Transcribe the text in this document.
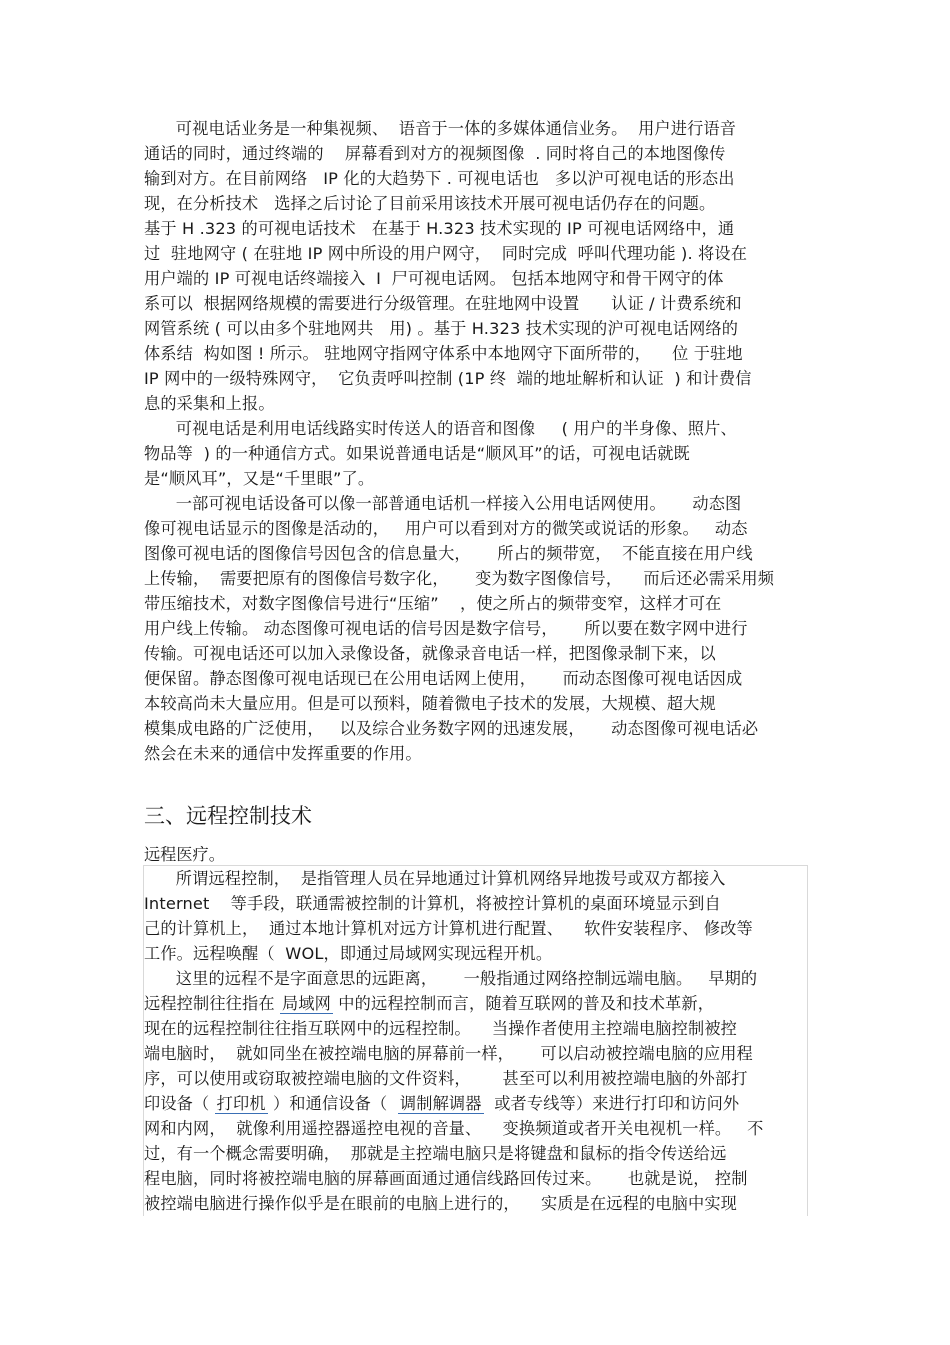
可视电话业务是一种集视频、  语音于一体的多媒体通信业务。  用户进行语音
通话的同时，通过终端的    屏幕看到对方的视频图像  . 同时将自己的本地图像传
输到对方。在目前网络   IP 化的大趋势下 . 可视电话也   多以沪可视电话的形态出
现，在分析技术   选择之后讨论了目前采用该技术开展可视电话仍存在的问题。
基于 H .323 的可视电话技术   在基于 H.323 技术实现的 IP 可视电话网络中，通
过  驻地网守 ( 在驻地 IP 网中所设的用户网守，  同时完成  呼叫代理功能 ). 将设在
用户端的 IP 可视电话终端接入  I  尸可视电话网。 包括本地网守和骨干网守的体
系可以  根据网络规模的需要进行分级管理。在驻地网中设置      认证 / 计费系统和
网管系统 ( 可以由多个驻地网共   用) 。基于 H.323 技术实现的沪可视电话网络的
体系结  构如图 ! 所示。 驻地网守指网守体系中本地网守下面所带的，    位 于驻地
IP 网中的一级特殊网守，  它负责呼叫控制 (1P 终  端的地址解析和认证  ) 和计费信
息的采集和上报。
可视电话是利用电话线路实时传送人的语音和图像     ( 用户的半身像、照片、
物品等  ) 的一种通信方式。如果说普通电话是“顺风耳”的话，可视电话就既
是“顺风耳”，又是“千里眼”了。
一部可视电话设备可以像一部普通电话机一样接入公用电话网使用。     动态图
像可视电话显示的图像是活动的，   用户可以看到对方的微笑或说话的形象。   动态
图像可视电话的图像信号因包含的信息量大，     所占的频带宽，  不能直接在用户线
上传输，  需要把原有的图像信号数字化，     变为数字图像信号，    而后还必需采用频
带压缩技术，对数字图像信号进行“压缩”    ，使之所占的频带变窄，这样才可在
用户线上传输。 动态图像可视电话的信号因是数字信号，     所以要在数字网中进行
传输。可视电话还可以加入录像设备，就像录音电话一样，把图像录制下来，以
便保留。静态图像可视电话现已在公用电话网上使用，     而动态图像可视电话因成
本较高尚未大量应用。但是可以预料，随着微电子技术的发展，大规模、超大规
模集成电路的广泛使用，   以及综合业务数字网的迅速发展，     动态图像可视电话必
然会在未来的通信中发挥重要的作用。
三、远程控制技术
远程医疗。
所谓远程控制，  是指管理人员在异地通过计算机网络异地拨号或双方都接入
Internet    等手段，联通需被控制的计算机，将被控计算机的桌面环境显示到自
己的计算机上，  通过本地计算机对远方计算机进行配置、    软件安装程序、 修改等
工作。远程唤醒（  WOL，即通过局域网实现远程开机。
这里的远程不是字面意思的远距离，     一般指通过网络控制远端电脑。   早期的
远程控制往往指在 局域网 中的远程控制而言，随着互联网的普及和技术革新，
现在的远程控制往往指互联网中的远程控制。    当操作者使用主控端电脑控制被控
端电脑时，  就如同坐在被控端电脑的屏幕前一样，     可以启动被控端电脑的应用程
序，可以使用或窃取被控端电脑的文件资料，      甚至可以利用被控端电脑的外部打
印设备（ 打印机 ）和通信设备（  调制解调器  或者专线等）来进行打印和访问外
网和内网，  就像利用遥控器遥控电视的音量、    变换频道或者开关电视机一样。   不
过，有一个概念需要明确，  那就是主控端电脑只是将键盘和鼠标的指令传送给远
程电脑，同时将被控端电脑的屏幕画面通过通信线路回传过来。     也就是说， 控制
被控端电脑进行操作似乎是在眼前的电脑上进行的，    实质是在远程的电脑中实现
